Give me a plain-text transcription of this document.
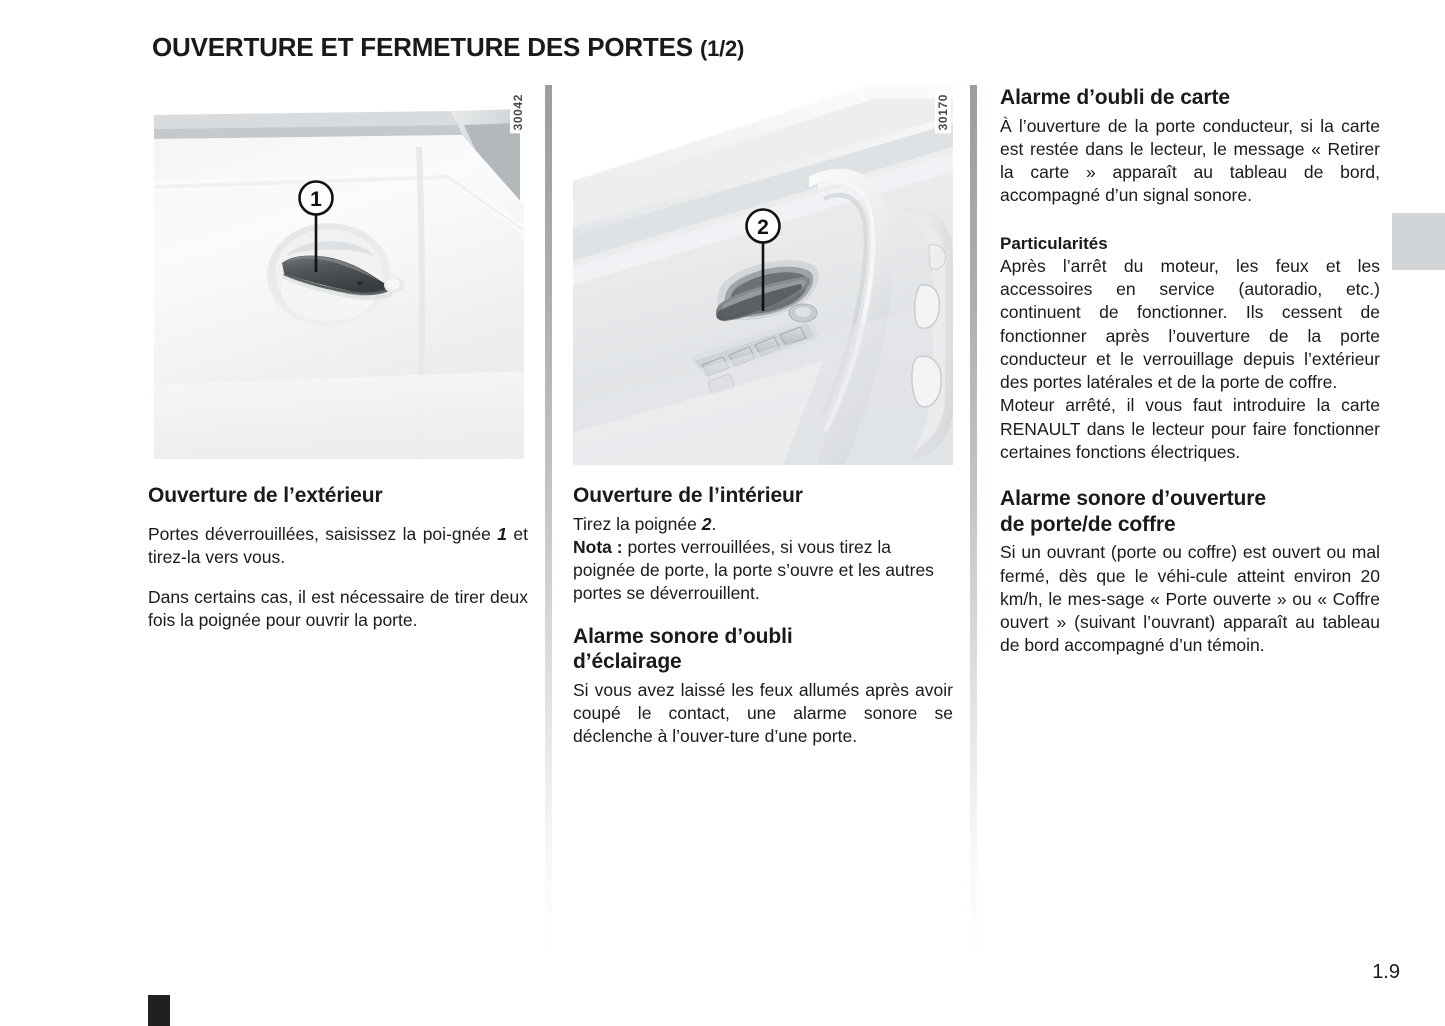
OUVERTURE ET FERMETURE DES PORTES (1/2)
1
30042
Ouverture de l’extérieur

Portes déverrouillées, saisissez la poi-gnée 1 et tirez-la vers vous.

Dans certains cas, il est nécessaire de tirer deux fois la poignée pour ouvrir la porte.

2
30170
Ouverture de l’intérieur

Tirez la poignée 2.

Nota : portes verrouillées, si vous tirez la poignée de porte, la porte s’ouvre et les autres portes se déverrouillent.

Alarme sonore d’oubli
d’éclairage

Si vous avez laissé les feux allumés après avoir coupé le contact, une alarme sonore se déclenche à l’ouver-ture d’une porte.

Alarme d’oubli de carte

À l’ouverture de la porte conducteur, si la carte est restée dans le lecteur, le message « Retirer la carte » apparaît au tableau de bord, accompagné d’un signal sonore.

Particularités

Après l’arrêt du moteur, les feux et les accessoires en service (autoradio, etc.) continuent de fonctionner. Ils cessent de fonctionner après l’ouverture de la porte conducteur et le verrouillage depuis l’extérieur des portes latérales et de la porte de coffre.

Moteur arrêté, il vous faut introduire la carte RENAULT dans le lecteur pour faire fonctionner certaines fonctions électriques.

Alarme sonore d’ouverture
de porte/de coffre

Si un ouvrant (porte ou coffre) est ouvert ou mal fermé, dès que le véhi-cule atteint environ 20 km/h, le mes-sage « Porte ouverte » ou « Coffre ouvert » (suivant l’ouvrant) apparaît au tableau de bord accompagné d’un témoin.

1.9
